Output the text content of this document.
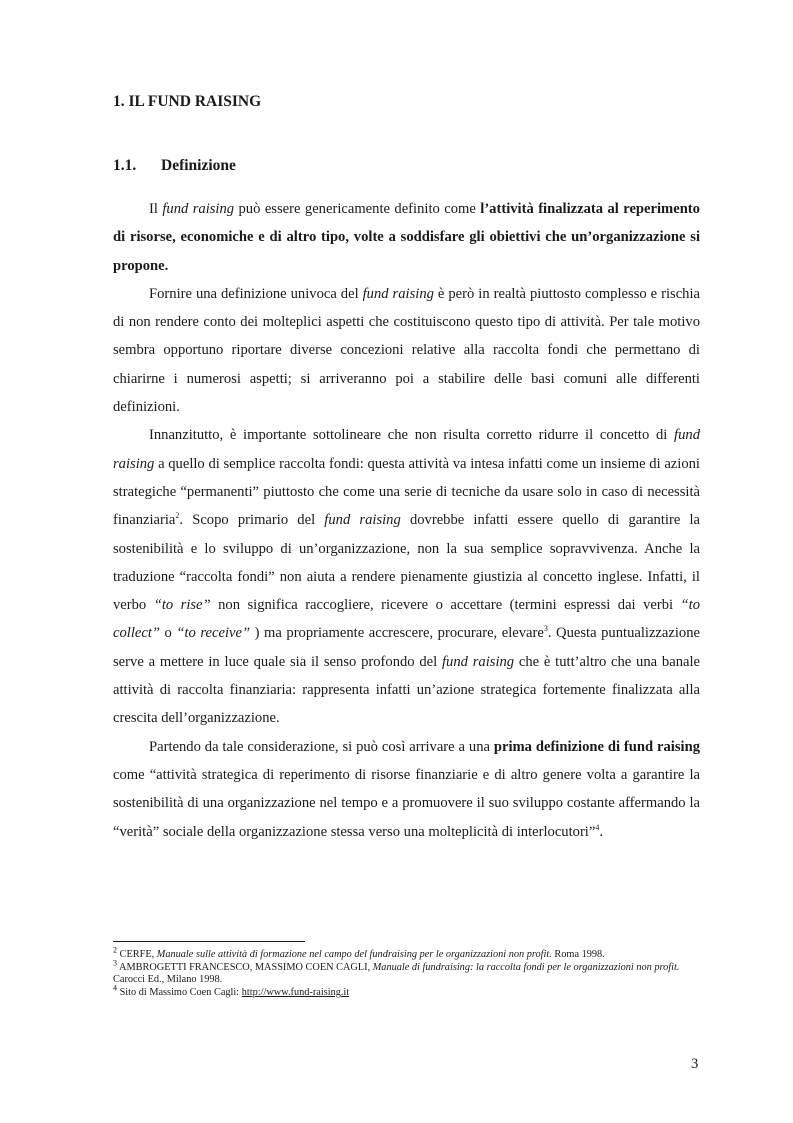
1. IL FUND RAISING
1.1. Definizione

Il fund raising può essere genericamente definito come l’attività finalizzata al reperimento di risorse, economiche e di altro tipo, volte a soddisfare gli obiettivi che un’organizzazione si propone.

Fornire una definizione univoca del fund raising è però in realtà piuttosto complesso e rischia di non rendere conto dei molteplici aspetti che costituiscono questo tipo di attività. Per tale motivo sembra opportuno riportare diverse concezioni relative alla raccolta fondi che permettano di chiarirne i numerosi aspetti; si arriveranno poi a stabilire delle basi comuni alle differenti definizioni.

Innanzitutto, è importante sottolineare che non risulta corretto ridurre il concetto di fund raising a quello di semplice raccolta fondi: questa attività va intesa infatti come un insieme di azioni strategiche “permanenti” piuttosto che come una serie di tecniche da usare solo in caso di necessità finanziaria$^2$. Scopo primario del fund raising dovrebbe infatti essere quello di garantire la sostenibilità e lo sviluppo di un’organizzazione, non la sua semplice sopravvivenza. Anche la traduzione “raccolta fondi” non aiuta a rendere pienamente giustizia al concetto inglese. Infatti, il verbo “to rise” non significa raccogliere, ricevere o accettare (termini espressi dai verbi “to collect” o “to receive” ) ma propriamente accrescere, procurare, elevare$^3$. Questa puntualizzazione serve a mettere in luce quale sia il senso profondo del fund raising che è tutt’altro che una banale attività di raccolta finanziaria: rappresenta infatti un’azione strategica fortemente finalizzata alla crescita dell’organizzazione.

Partendo da tale considerazione, si può così arrivare a una prima definizione di fund raising come “attività strategica di reperimento di risorse finanziarie e di altro genere volta a garantire la sostenibilità di una organizzazione nel tempo e a promuovere il suo sviluppo costante affermando la “verità” sociale della organizzazione stessa verso una molteplicità di interlocutori”$^4$.

$^2$ CERFE, Manuale sulle attività di formazione nel campo del fundraising per le organizzazioni non profit. Roma 1998.

$^3$ AMBROGETTI FRANCESCO, MASSIMO COEN CAGLI, Manuale di fundraising: la raccolta fondi per le organizzazioni non profit. Carocci Ed., Milano 1998.

$^4$ Sito di Massimo Coen Cagli: http://www.fund-raising.it

3
